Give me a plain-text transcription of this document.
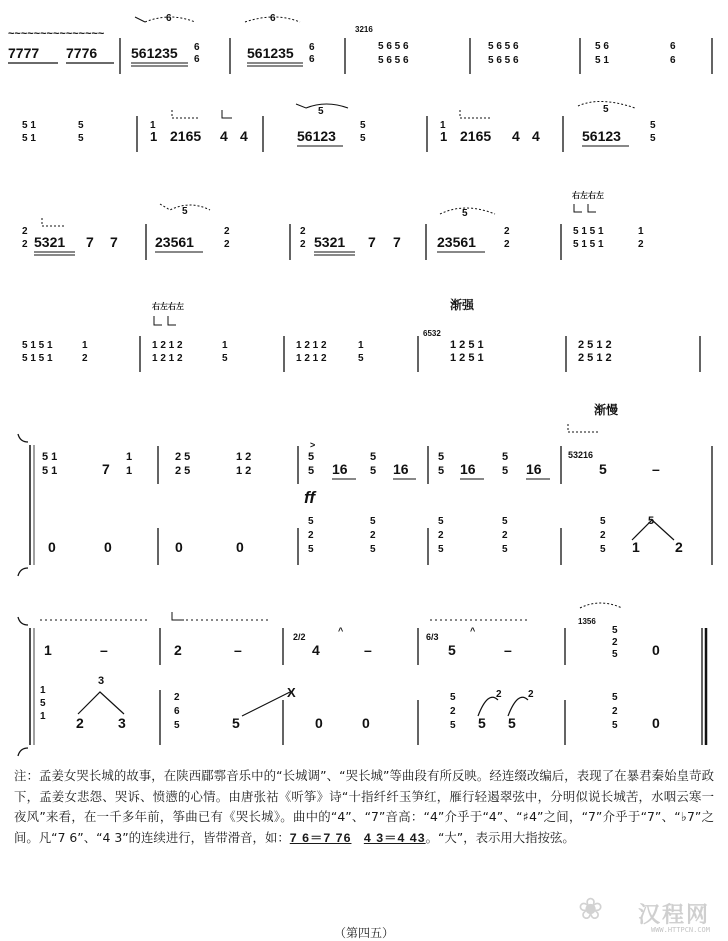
~~~~~~~~~~~~~~~
7777 7776
6
561235 6
6
6
561235 6
6
3216
5 6 5 6
5 6 5 6
5 6 5 6
5 6 5 6
5 6
5 1
6
6
5 1
5 1
5
5
1
1 2165 4 4
5
56123
5
5
1
1 2165 4 4
5
56123
5
5
2
2 5321 7 7
5
23561
2
2
2
2 5321 7 7
5
23561
2
2
右左右左
5 1 5 1
5 1 5 1
1
2
5 1 5 1
5 1 5 1
1
2
右左右左
1 2 1 2
1 2 1 2
1
5
1 2 1 2
1 2 1 2
1
5
渐强
6532
1 2 5 1
1 2 5 1
2 5 1 2
2 5 1 2
5 1
5 1	7
1
1
2 5
2 5
1 2
1 2
>
5
5 16
5
5 16
5
5 16
5
5 16
渐慢
53216
5	–
ff
0	0	0	0
5
2
5
5
2
5
5
2
5
5
2
5
5
2
5 1
5
2
1	–	2	–
2/2
4
^
–
6/3
5
^
–
1356
5
2
5 0
1
5
1 2
3
3
2
6
5	5
X
0	0
5
2
5 5
2
5
2	5
2
5 0

注：孟姜女哭长城的故事，在陕西郿鄠音乐中的“长城调”、“哭长城”等曲段有所反映。经连缀改编后，表现了在暴君秦始皇苛政下，孟姜女悲怨、哭诉、愤懑的心情。由唐张祜《听筝》诗“十指纤纤玉笋红，雁行轻遏翠弦中，分明似说长城苦，水咽云寒一夜风”来看，在一千多年前，筝曲已有《哭长城》。曲中的“4”、“7”音高：“4”介乎于“4”、“♯4”之间，“7”介乎于“7”、“♭7”之间。凡“7 6”、“4 3”的连续进行，皆带滑音，如：7 6＝7 76　 4 3＝4 43。“大”，表示用大指按弦。

❀ 汉程网
WWW.HTTPCN.COM
（第四五）
